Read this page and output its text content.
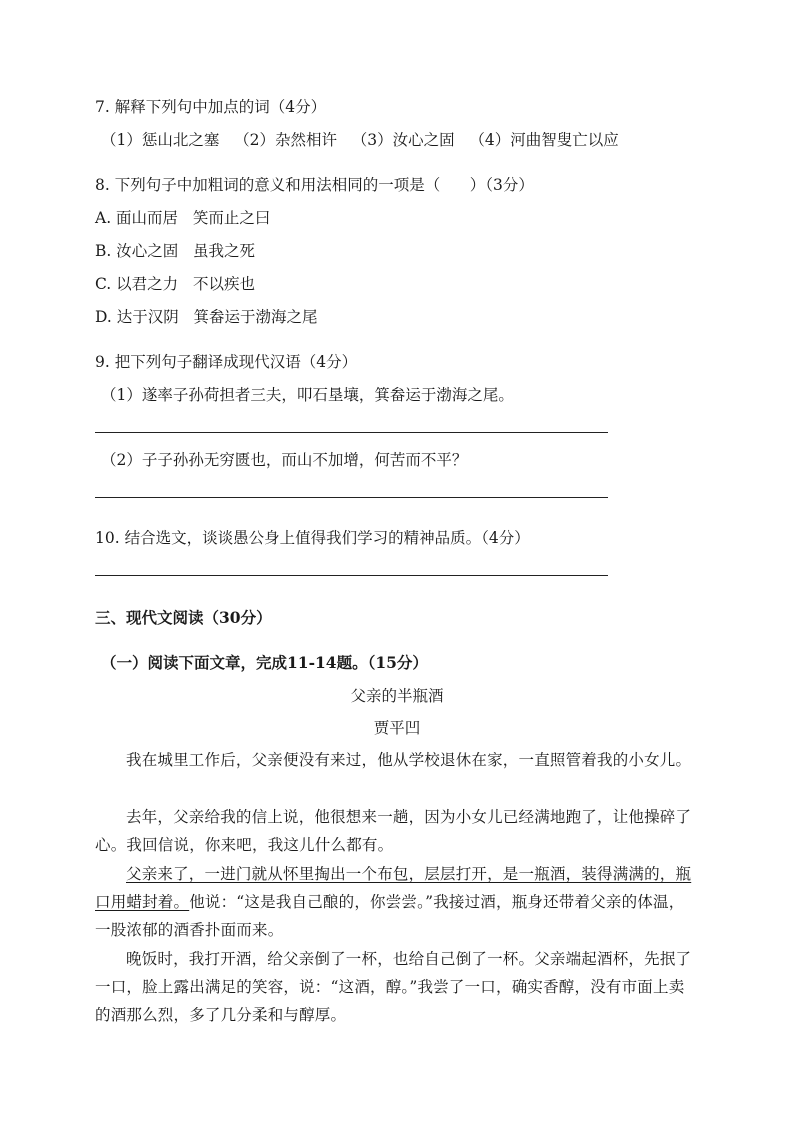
7. 解释下列句中加点的词（4分）
（1）惩山北之塞   （2）杂然相许   （3）汝心之固   （4）河曲智叟亡以应
8. 下列句子中加粗词的意义和用法相同的一项是（      ）（3分）
A. 面山而居   笑而止之曰
B. 汝心之固   虽我之死
C. 以君之力   不以疾也
D. 达于汉阴   箕畚运于渤海之尾
9. 把下列句子翻译成现代汉语（4分）
（1）遂率子孙荷担者三夫，叩石垦壤，箕畚运于渤海之尾。
（2）子子孙孙无穷匮也，而山不加增，何苦而不平？
10. 结合选文，谈谈愚公身上值得我们学习的精神品质。（4分）
三、现代文阅读（30分）
（一）阅读下面文章，完成11-14题。（15分）
父亲的半瓶酒
贾平凹
我在城里工作后，父亲便没有来过，他从学校退休在家，一直照管着我的小女儿。
去年，父亲给我的信上说，他很想来一趟，因为小女儿已经满地跑了，让他操碎了心。我回信说，你来吧，我这儿什么都有。
父亲来了，一进门就从怀里掏出一个布包，层层打开，是一瓶酒，装得满满的，瓶口用蜡封着。他说：“这是我自己酿的，你尝尝。”我接过酒，瓶身还带着父亲的体温，一股浓郁的酒香扑面而来。
晚饭时，我打开酒，给父亲倒了一杯，也给自己倒了一杯。父亲端起酒杯，先抿了一口，脸上露出满足的笑容，说：“这酒，醇。”我尝了一口，确实香醇，没有市面上卖的酒那么烈，多了几分柔和与醇厚。
